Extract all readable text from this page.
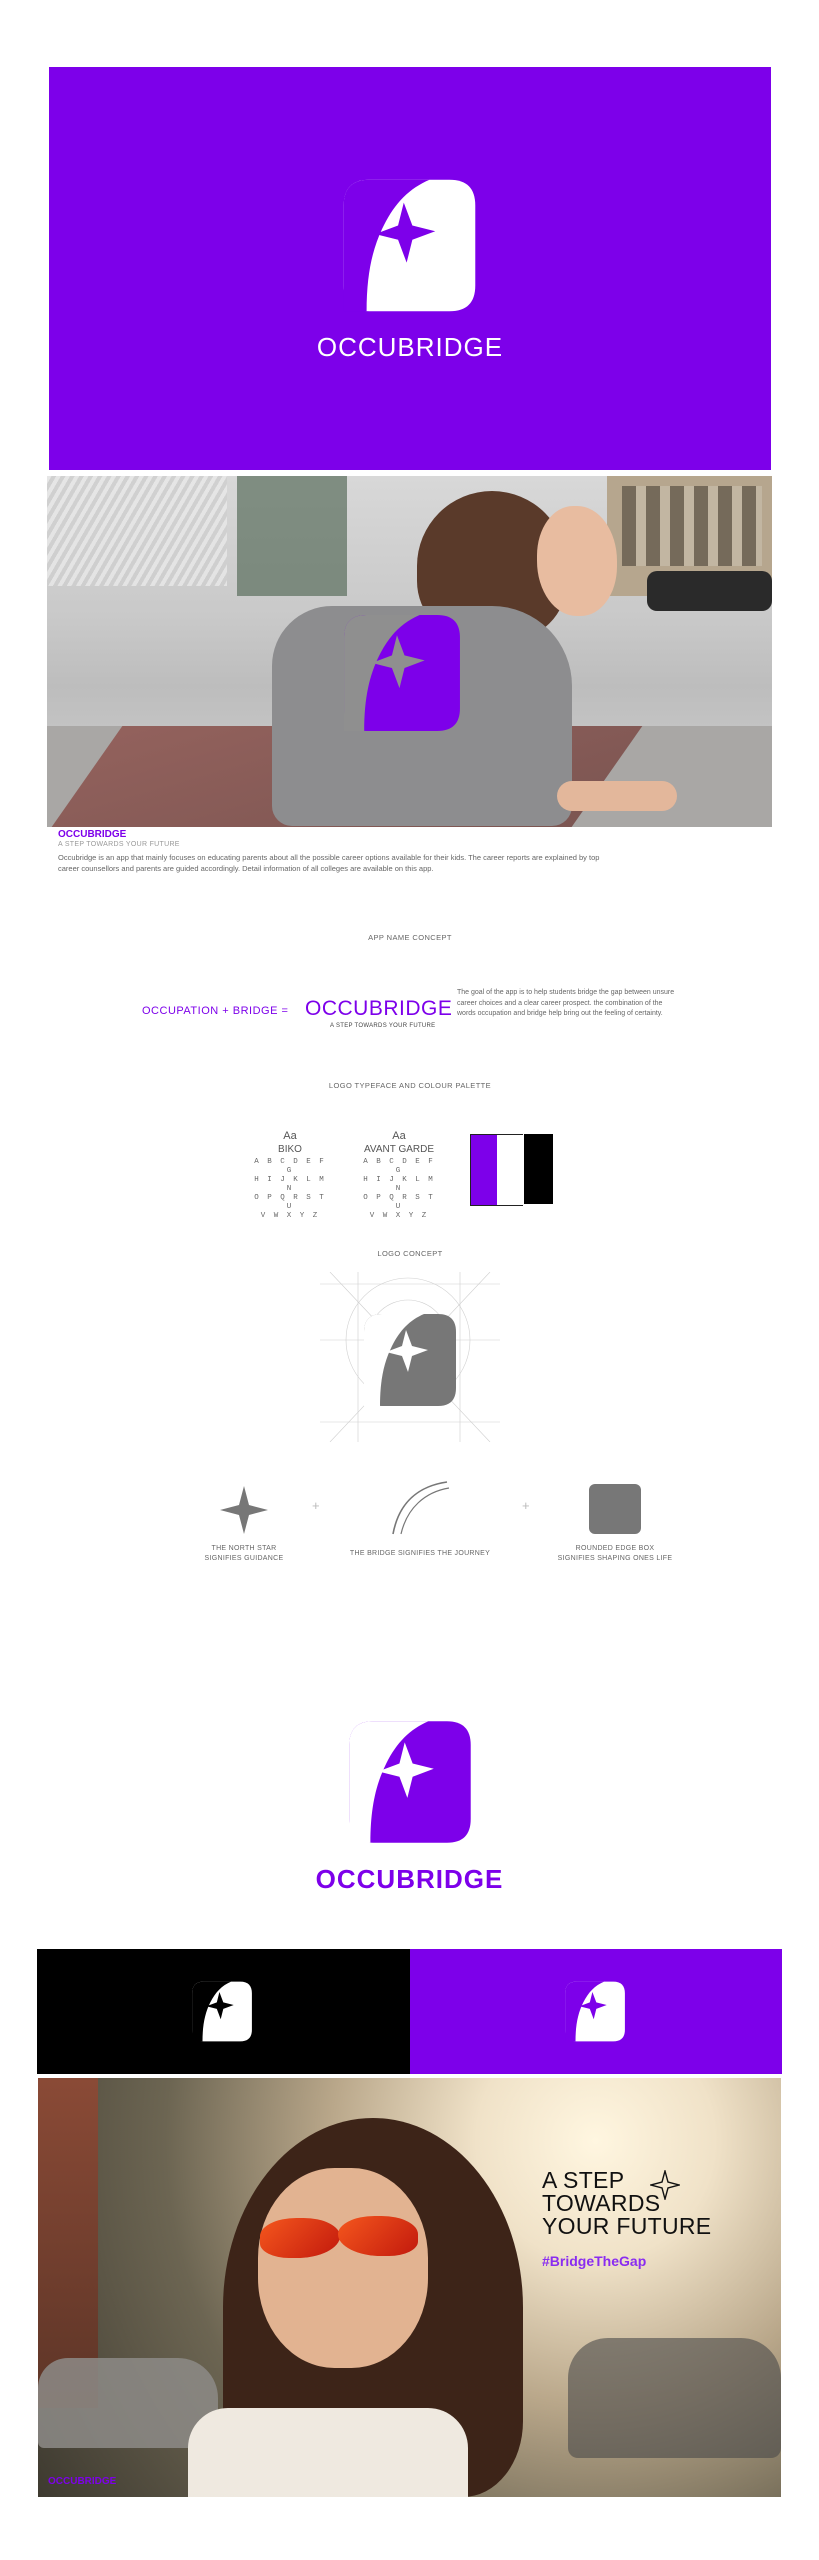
OCCUBRIDGE
OCCUBRIDGE
A STEP TOWARDS YOUR FUTURE
Occubridge is an app that mainly focuses on educating parents about all the possible career options available for their kids. The career reports are explained by top career counsellors and parents are guided accordingly. Detail information of all colleges are available on this app.
APP NAME CONCEPT
OCCUPATION + BRIDGE = OCCUBRIDGE
A STEP TOWARDS YOUR FUTURE
The goal of the app is to help students bridge the gap between unsure career choices and a clear career prospect. the combination of the words occupation and bridge help bring out the feeling of certainty.
LOGO TYPEFACE AND COLOUR PALETTE
Aa
BIKO
A B C D E F G
H I J K L M N
O P Q R S T U
V W X Y Z
Aa
AVANT GARDE
A B C D E F G
H I J K L M N
O P Q R S T U
V W X Y Z
LOGO CONCEPT
THE NORTH STAR
SIGNIFIES GUIDANCE
+
THE BRIDGE SIGNIFIES THE JOURNEY
+
ROUNDED EDGE BOX
SIGNIFIES SHAPING ONES LIFE
OCCUBRIDGE
A STEP
TOWARDS
YOUR FUTURE
#BridgeTheGap
OCCUBRIDGE
